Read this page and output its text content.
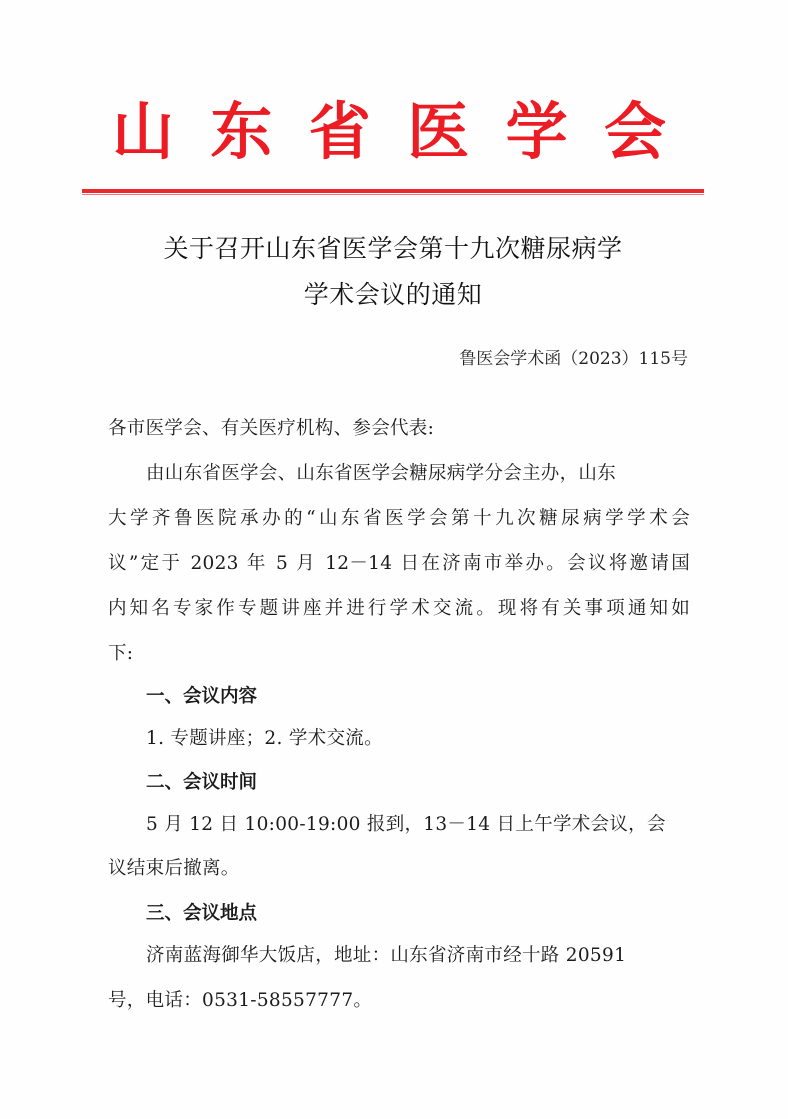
山 东 省 医 学 会
关于召开山东省医学会第十九次糖尿病学
学术会议的通知
鲁医会学术函（2023）115号
各市医学会、有关医疗机构、参会代表:
由山东省医学会、山东省医学会糖尿病学分会主办，山东
大学齐鲁医院承办的“山东省医学会第十九次糖尿病学学术会
议”定于 2023 年 5 月 12－14 日在济南市举办。会议将邀请国
内知名专家作专题讲座并进行学术交流。现将有关事项通知如
下:
一、会议内容
1. 专题讲座；2. 学术交流。
二、会议时间
5 月 12 日 10:00-19:00 报到，13－14 日上午学术会议，会
议结束后撤离。
三、会议地点
济南蓝海御华大饭店，地址：山东省济南市经十路 20591
号，电话：0531-58557777。
